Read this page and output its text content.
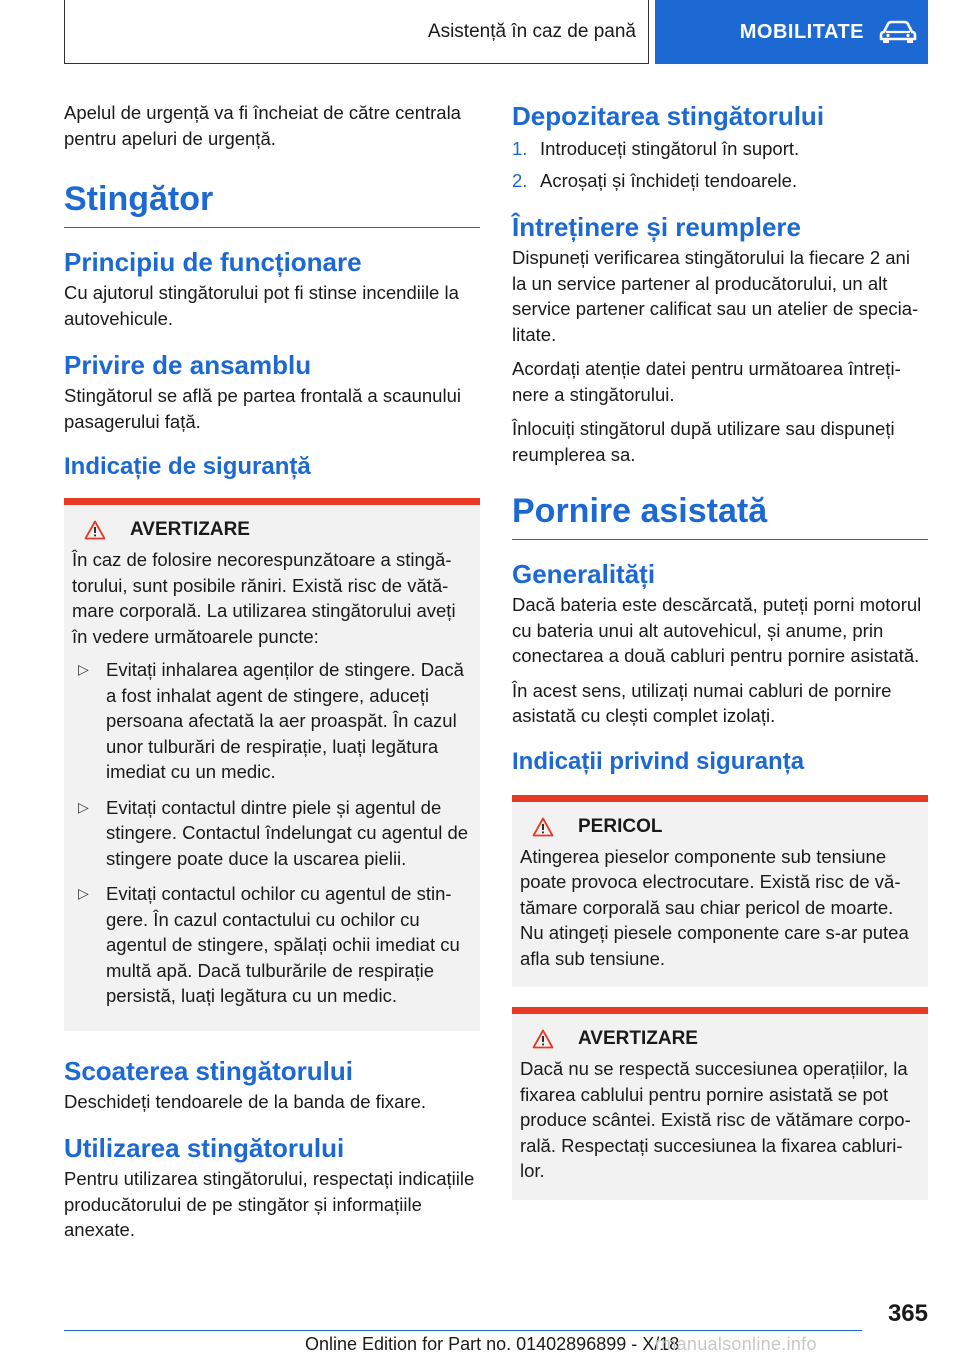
Asistență în caz de pană	MOBILITATE

Apelul de urgență va fi încheiat de către centrala pentru apeluri de urgență.

Stingător
Principiu de funcționare

Cu ajutorul stingătorului pot fi stinse incendiile la autovehicule.

Privire de ansamblu

Stingătorul se află pe partea frontală a scaunului pasagerului față.

Indicație de siguranță
AVERTIZARE

În caz de folosire necorespunzătoare a stingătorului, sunt posibile răniri. Există risc de vătămare corporală. La utilizarea stingătorului aveți în vedere următoarele puncte:

▷ Evitați inhalarea agenților de stingere. Dacă a fost inhalat agent de stingere, aduceți persoana afectată la aer proaspăt. În cazul unor tulburări de respirație, luați legătura imediat cu un medic.
▷ Evitați contactul dintre piele și agentul de stingere. Contactul îndelungat cu agentul de stingere poate duce la uscarea pielii.
▷ Evitați contactul ochilor cu agentul de stingere. În cazul contactului cu ochilor cu agentul de stingere, spălați ochii imediat cu multă apă. Dacă tulburările de respirație persistă, luați legătura cu un medic.
Scoaterea stingătorului

Deschideți tendoarele de la banda de fixare.

Utilizarea stingătorului

Pentru utilizarea stingătorului, respectați indicațiile producătorului de pe stingător și informațiile anexate.

Depozitarea stingătorului
1. Introduceți stingătorul în suport.
2. Acroșați și închideți tendoarele.
Întreținere și reumplere

Dispuneți verificarea stingătorului la fiecare 2 ani la un service partener al producătorului, un alt service partener calificat sau un atelier de specialitate.

Acordați atenție datei pentru următoarea întreținere a stingătorului.

Înlocuiți stingătorul după utilizare sau dispuneți reumplerea sa.

Pornire asistată
Generalități

Dacă bateria este descărcată, puteți porni motorul cu bateria unui alt autovehicul, și anume, prin conectarea a două cabluri pentru pornire asistată.

În acest sens, utilizați numai cabluri de pornire asistată cu clești complet izolați.

Indicații privind siguranța
PERICOL

Atingerea pieselor componente sub tensiune poate provoca electrocutare. Există risc de vătămare corporală sau chiar pericol de moarte. Nu atingeți piesele componente care s-ar putea afla sub tensiune.

AVERTIZARE

Dacă nu se respectă succesiunea operațiilor, la fixarea cablului pentru pornire asistată se pot produce scântei. Există risc de vătămare corporală. Respectați succesiunea la fixarea cablurilor.

365
Online Edition for Part no. 01402896899 - X/18
rmanualsonline.info
